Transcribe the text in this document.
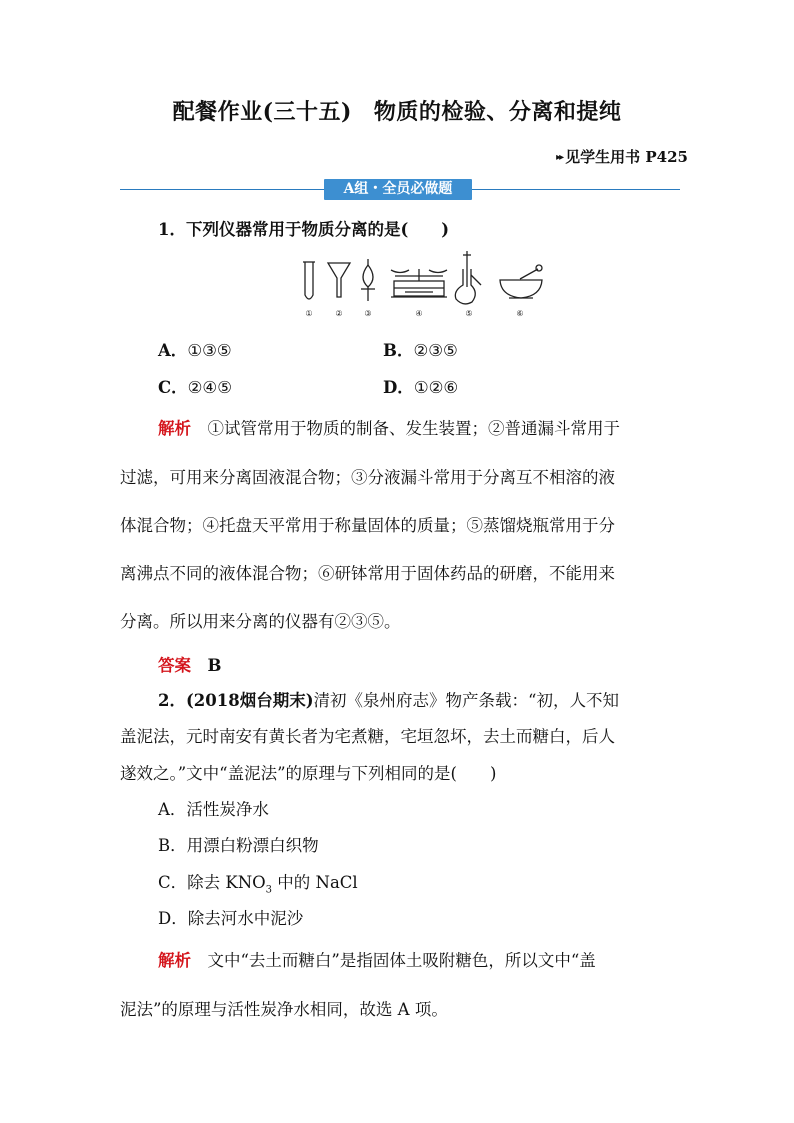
配餐作业(三十五) 物质的检验、分离和提纯
▸▸ 见学生用书 P425
A组・全员必做题
1．下列仪器常用于物质分离的是(　　)
①	②	③	④	⑤	⑥
A．①③⑤	B．②③⑤
C．②④⑤	D．①②⑥
解析　 ①试管常用于物质的制备、发生装置；②普通漏斗常用于
过滤，可用来分离固液混合物；③分液漏斗常用于分离互不相溶的液
体混合物；④托盘天平常用于称量固体的质量；⑤蒸馏烧瓶常用于分
离沸点不同的液体混合物；⑥研钵常用于固体药品的研磨，不能用来
分离。所以用来分离的仪器有②③⑤。
答案　 B
2．(2018烟台期末)清初《泉州府志》物产条载：“初，人不知
盖泥法，元时南安有黄长者为宅煮糖，宅垣忽坏，去土而糖白，后人
遂效之。”文中“盖泥法”的原理与下列相同的是(　　)
A．活性炭净水
B．用漂白粉漂白织物
C．除去 $KNO_3$ 中的 NaCl
D．除去河水中泥沙
解析　 文中“去土而糖白”是指固体土吸附糖色，所以文中“盖
泥法”的原理与活性炭净水相同，故选 A 项。
